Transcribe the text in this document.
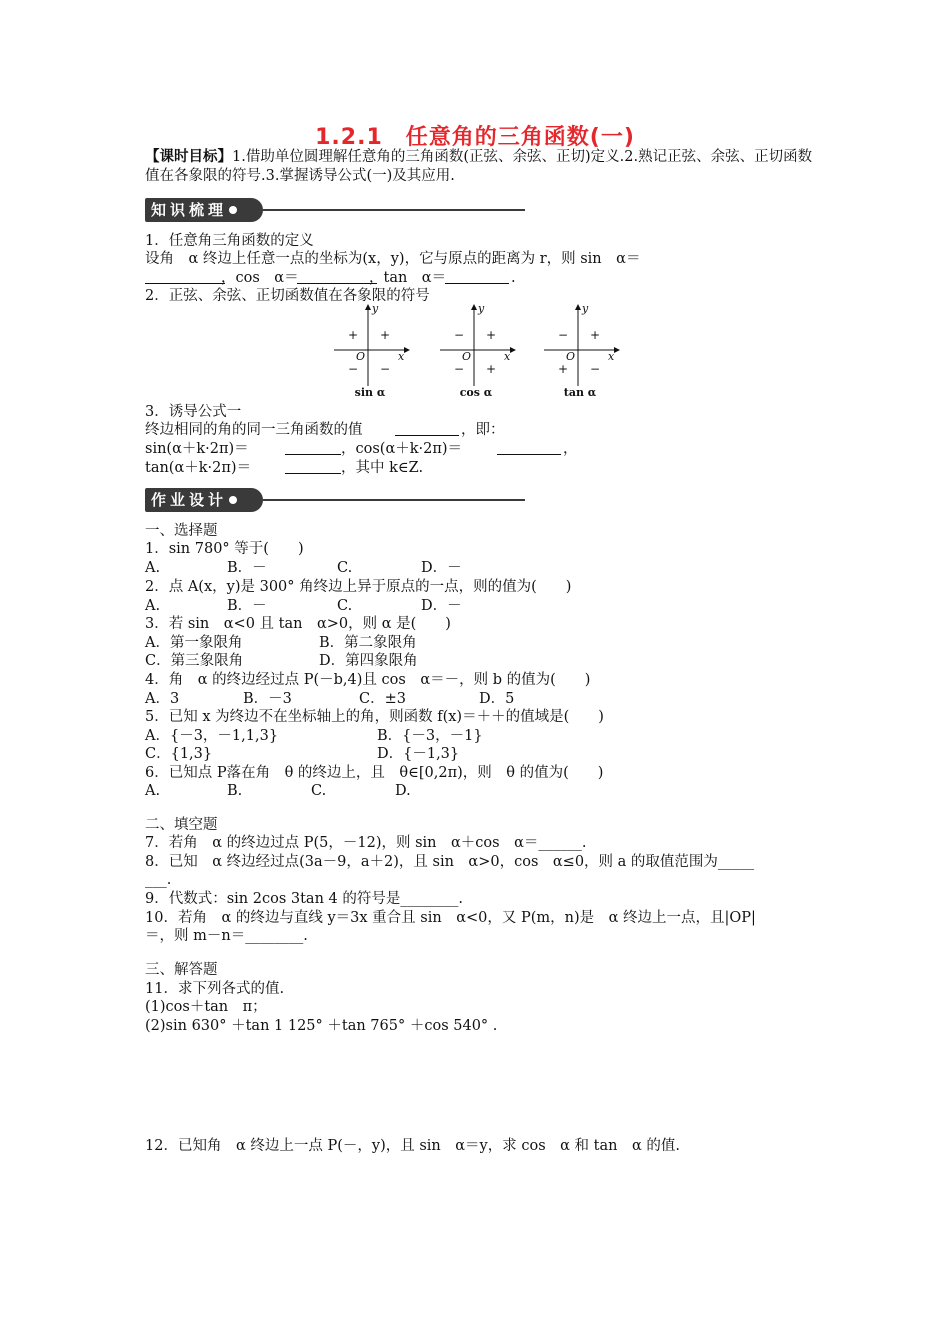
1.2.1　任意角的三角函数(一)
【课时目标】1.借助单位圆理解任意角的三角函数(正弦、余弦、正切)定义.2.熟记正弦、余弦、正切函数值在各象限的符号.3.掌握诱导公式(一)及其应用.
知识梳理
1．任意角三角函数的定义
设角　α 终边上任意一点的坐标为(x，y)，它与原点的距离为 r，则 sin　α＝
，cos　α＝	，tan　α＝	.
2．正弦、余弦、正切函数值在各象限的符号
y
x
O
+
+
− −
sin α
y
x
O
+
−
− +
cos α
y
x
O
+
−
+ −
tan α
3．诱导公式一
终边相同的角的同一三角函数的值	，即：
sin(α＋k·2π)＝	，cos(α＋k·2π)＝	，
tan(α＋k·2π)＝	，其中 k∈Z.
作业设计
一、选择题
1．sin 780° 等于(　　)
A.	B．－	C.	D．－
2．点 A(x，y)是 300° 角终边上异于原点的一点，则的值为(　　)
A.	B．－	C.	D．－
3．若 sin　α<0 且 tan　α>0，则 α 是(　　)
A．第一象限角	B．第二象限角
C．第三象限角	D．第四象限角
4．角　α 的终边经过点 P(－b,4)且 cos　α＝－，则 b 的值为(　　)
A．3	B．－3	C．±3	D．5
5．已知 x 为终边不在坐标轴上的角，则函数 f(x)＝＋＋的值域是(　　)
A．{－3，－1,1,3}	B．{－3，－1}
C．{1,3}	D．{－1,3}
6．已知点 P落在角　θ 的终边上，且　θ∈[0,2π)，则　θ 的值为(　　)
A.	B.	C.	D.
二、填空题
7．若角　α 的终边过点 P(5，－12)，则 sin　α＋cos　α＝______.
8．已知　α 终边经过点(3a－9，a＋2)，且 sin　α>0，cos　α≤0，则 a 的取值范围为_____
___.
9．代数式：sin 2cos 3tan 4 的符号是________.
10．若角　α 的终边与直线 y＝3x 重合且 sin　α<0，又 P(m，n)是　α 终边上一点，且|OP|
＝，则 m－n＝________.
三、解答题
11．求下列各式的值.
(1)cos＋tan　π；
(2)sin 630° ＋tan 1 125° ＋tan 765° ＋cos 540° .
12．已知角　α 终边上一点 P(－，y)，且 sin　α＝y，求 cos　α 和 tan　α 的值.
